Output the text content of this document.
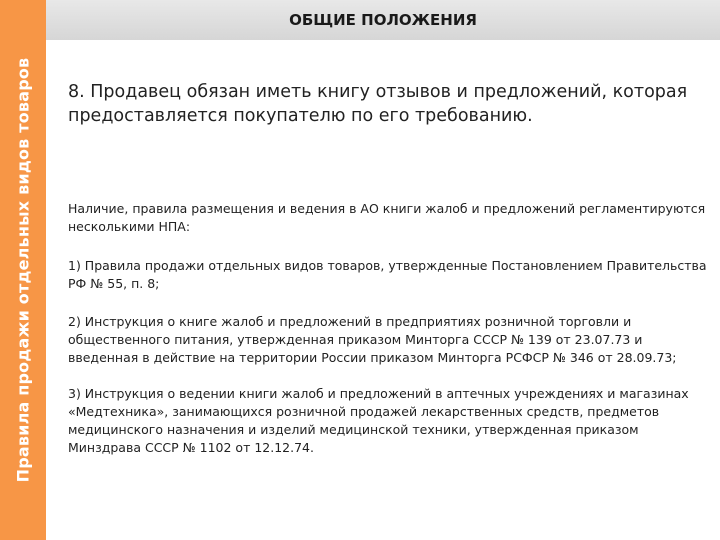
Правила продажи отдельных видов товаров
ОБЩИЕ ПОЛОЖЕНИЯ
8. Продавец обязан иметь книгу отзывов и предложений, которая предоставляется покупателю по его требованию.
Наличие, правила размещения и ведения в АО книги жалоб и предложений регламентируются несколькими НПА:
1) Правила продажи отдельных видов товаров, утвержденные Постановлением Правительства РФ № 55, п. 8;
2) Инструкция о книге жалоб и предложений в предприятиях розничной торговли и общественного питания, утвержденная приказом Минторга СССР № 139 от 23.07.73 и введенная в действие на территории России приказом Минторга РСФСР № 346 от 28.09.73;
3) Инструкция о ведении книги жалоб и предложений в аптечных учреждениях и магазинах «Медтехника», занимающихся розничной продажей лекарственных средств, предметов медицинского назначения и изделий медицинской техники, утвержденная приказом Минздрава СССР № 1102 от 12.12.74.
